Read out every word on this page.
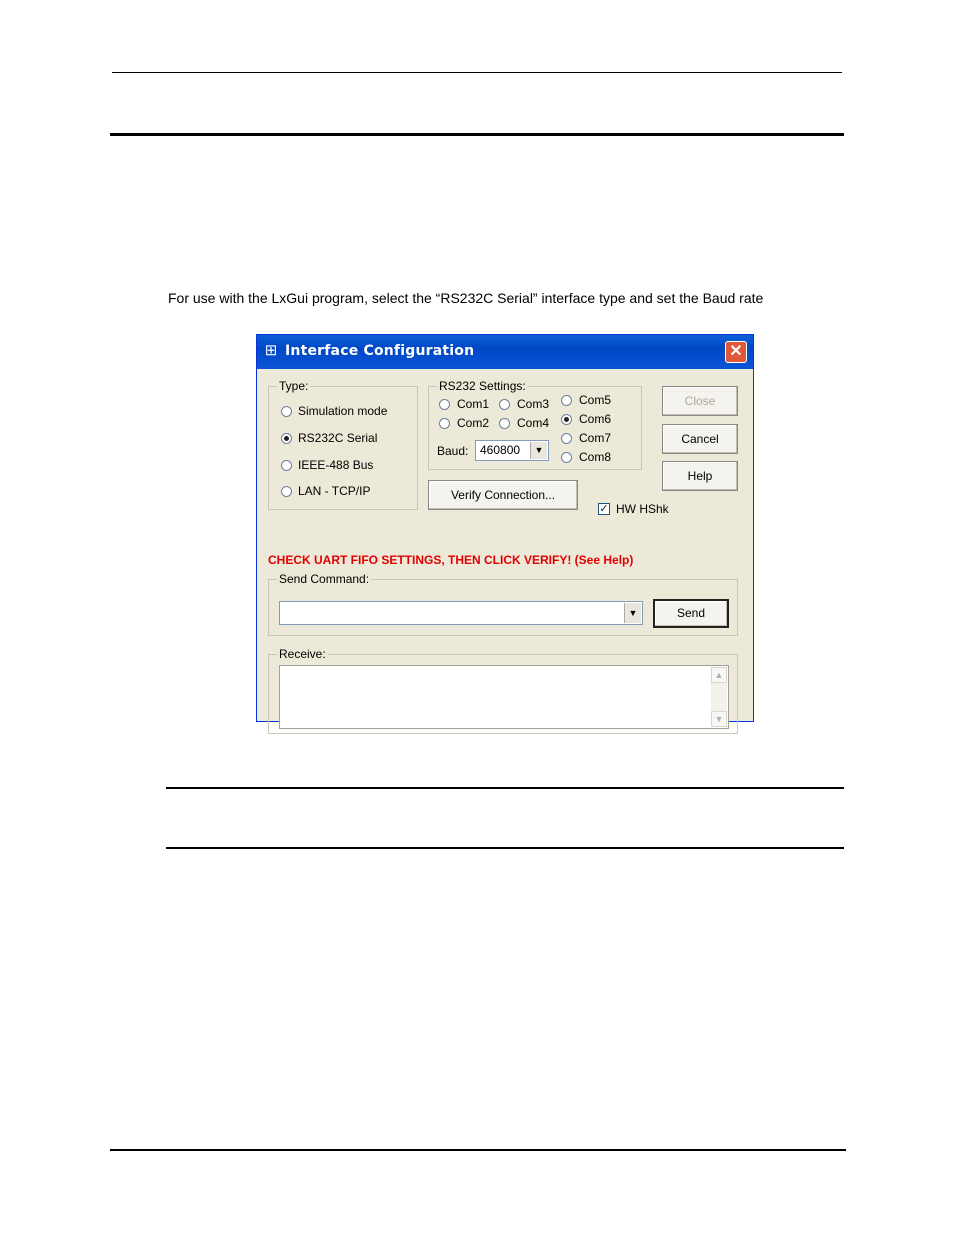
For use with the LxGui program, select the “RS232C Serial” interface type and set the Baud rate
⊞ Interface Configuration	✕
Type:
Simulation mode
RS232C Serial
IEEE-488 Bus
LAN - TCP/IP
RS232 Settings:
Com1 Com3
Com2 Com4
Com5
Com6
Com7
Com8
Baud: 460800	▼
Close
Cancel
Help
Verify Connection...
✓ HW HShk
CHECK UART FIFO SETTINGS, THEN CLICK VERIFY! (See Help)
Send Command:
▼	Send
Receive:
▲
▼
